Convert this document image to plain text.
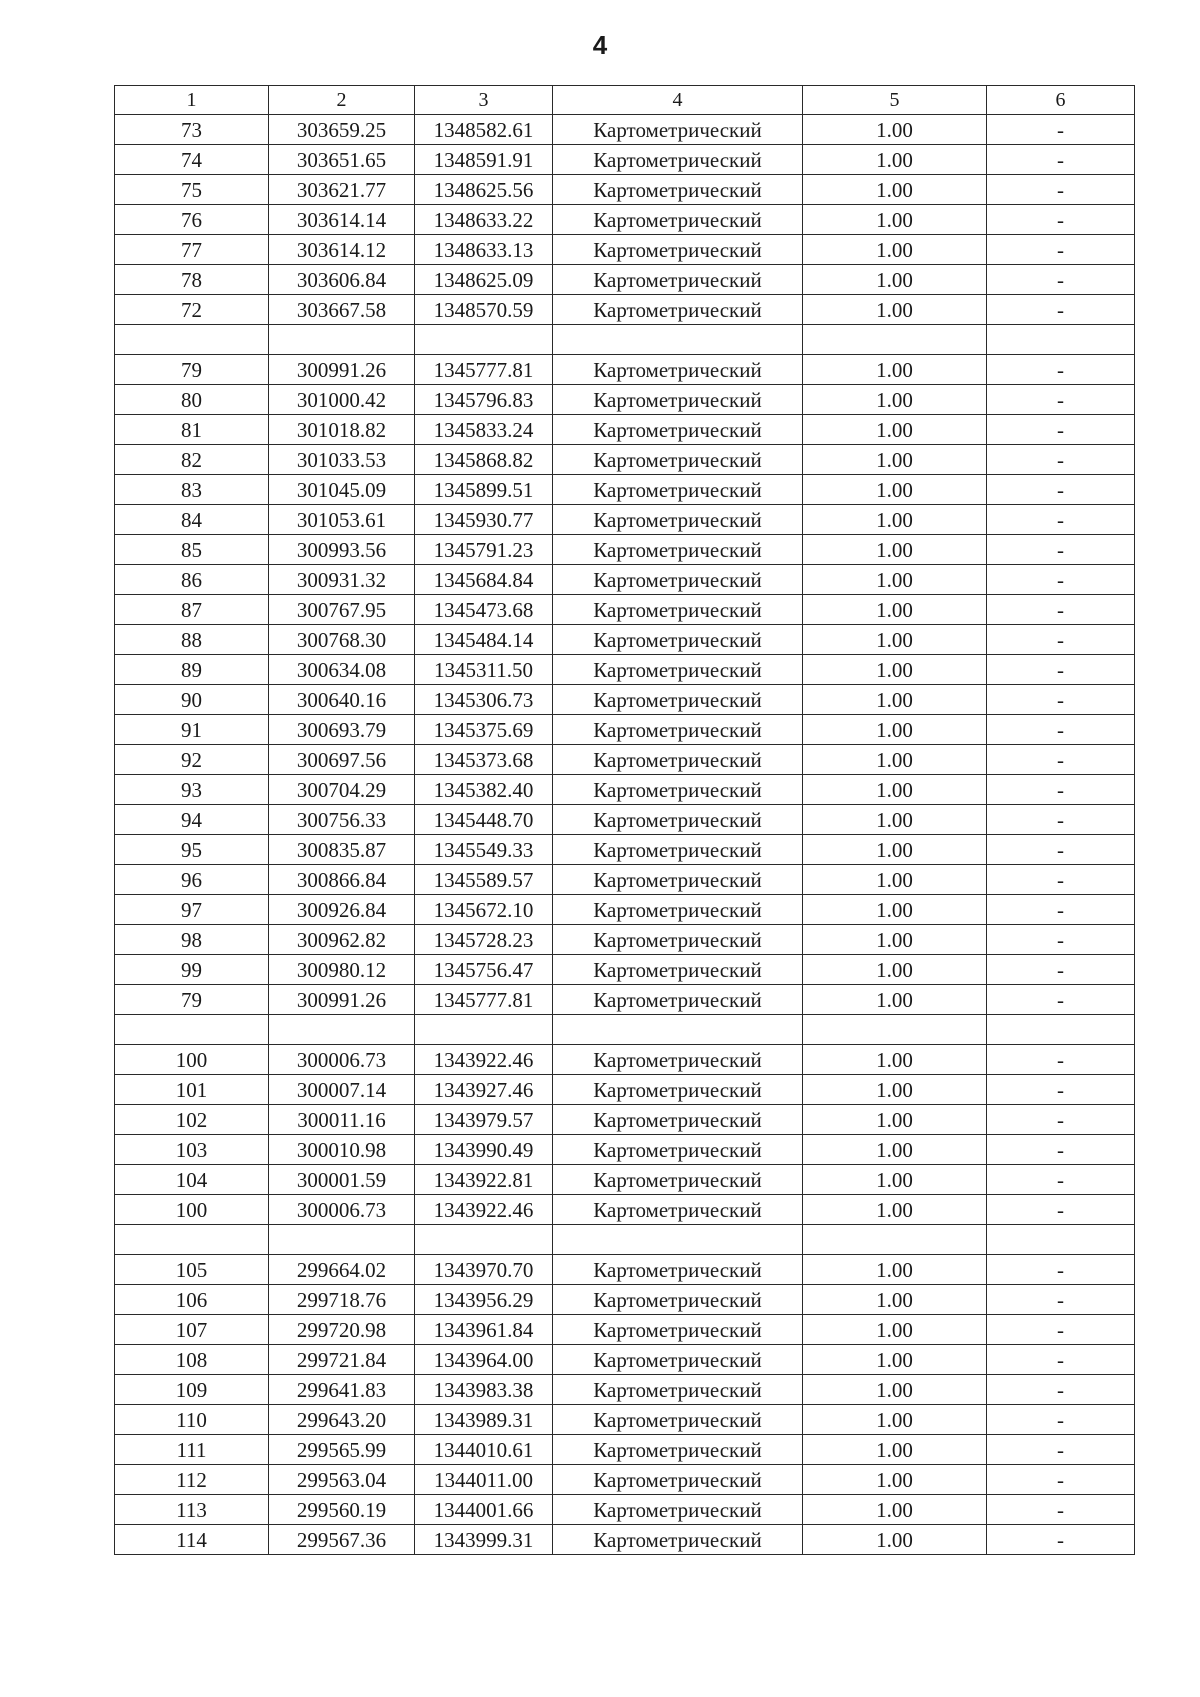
4
1	2	3	4	5	6
73	303659.25	1348582.61	Картометрический	1.00	-
74	303651.65	1348591.91	Картометрический	1.00	-
75	303621.77	1348625.56	Картометрический	1.00	-
76	303614.14	1348633.22	Картометрический	1.00	-
77	303614.12	1348633.13	Картометрический	1.00	-
78	303606.84	1348625.09	Картометрический	1.00	-
72	303667.58	1348570.59	Картометрический	1.00	-

79	300991.26	1345777.81	Картометрический	1.00	-
80	301000.42	1345796.83	Картометрический	1.00	-
81	301018.82	1345833.24	Картометрический	1.00	-
82	301033.53	1345868.82	Картометрический	1.00	-
83	301045.09	1345899.51	Картометрический	1.00	-
84	301053.61	1345930.77	Картометрический	1.00	-
85	300993.56	1345791.23	Картометрический	1.00	-
86	300931.32	1345684.84	Картометрический	1.00	-
87	300767.95	1345473.68	Картометрический	1.00	-
88	300768.30	1345484.14	Картометрический	1.00	-
89	300634.08	1345311.50	Картометрический	1.00	-
90	300640.16	1345306.73	Картометрический	1.00	-
91	300693.79	1345375.69	Картометрический	1.00	-
92	300697.56	1345373.68	Картометрический	1.00	-
93	300704.29	1345382.40	Картометрический	1.00	-
94	300756.33	1345448.70	Картометрический	1.00	-
95	300835.87	1345549.33	Картометрический	1.00	-
96	300866.84	1345589.57	Картометрический	1.00	-
97	300926.84	1345672.10	Картометрический	1.00	-
98	300962.82	1345728.23	Картометрический	1.00	-
99	300980.12	1345756.47	Картометрический	1.00	-
79	300991.26	1345777.81	Картометрический	1.00	-

100	300006.73	1343922.46	Картометрический	1.00	-
101	300007.14	1343927.46	Картометрический	1.00	-
102	300011.16	1343979.57	Картометрический	1.00	-
103	300010.98	1343990.49	Картометрический	1.00	-
104	300001.59	1343922.81	Картометрический	1.00	-
100	300006.73	1343922.46	Картометрический	1.00	-

105	299664.02	1343970.70	Картометрический	1.00	-
106	299718.76	1343956.29	Картометрический	1.00	-
107	299720.98	1343961.84	Картометрический	1.00	-
108	299721.84	1343964.00	Картометрический	1.00	-
109	299641.83	1343983.38	Картометрический	1.00	-
110	299643.20	1343989.31	Картометрический	1.00	-
111	299565.99	1344010.61	Картометрический	1.00	-
112	299563.04	1344011.00	Картометрический	1.00	-
113	299560.19	1344001.66	Картометрический	1.00	-
114	299567.36	1343999.31	Картометрический	1.00	-
